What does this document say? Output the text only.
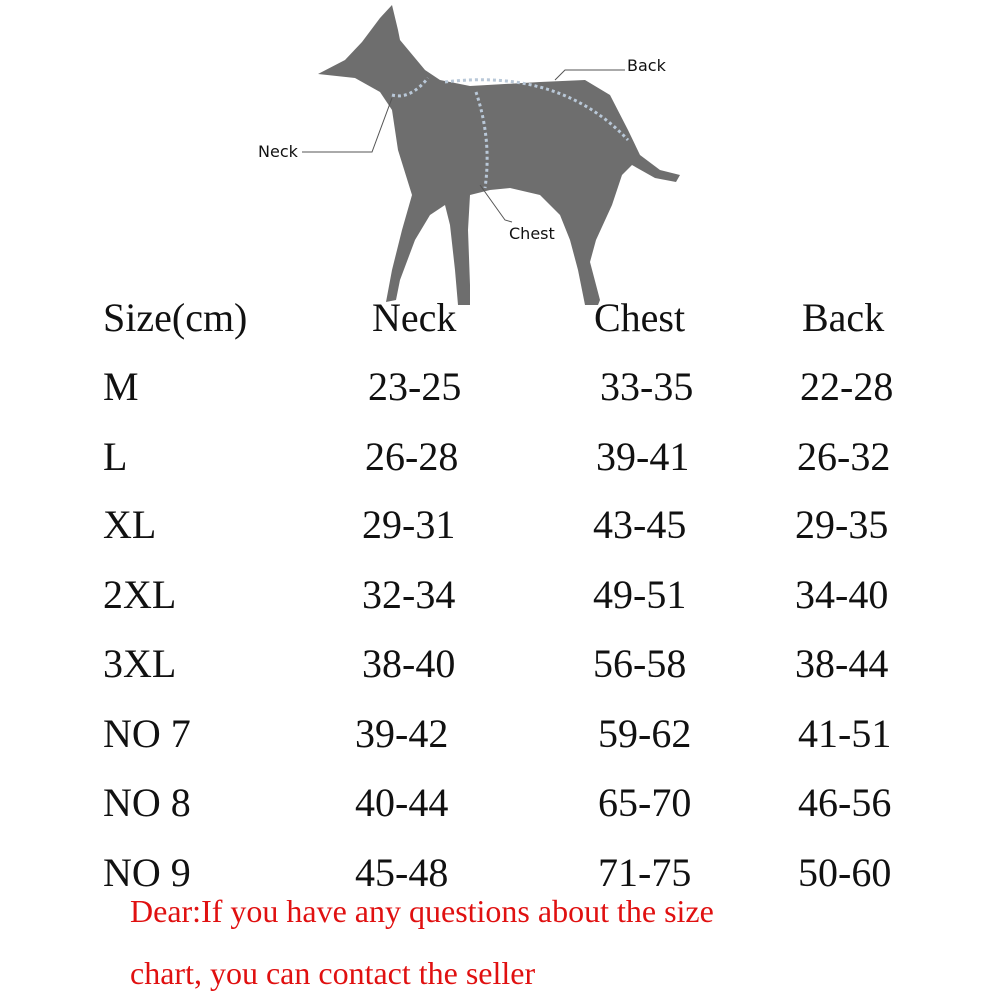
Back
Neck
Chest
Size(cm)	Neck	Chest	Back
M	23-25	33-35	22-28
L	26-28	39-41	26-32
XL	29-31	43-45	29-35
2XL	32-34	49-51	34-40
3XL	38-40	56-58	38-44
NO 7	39-42	59-62	41-51
NO 8	40-44	65-70	46-56
NO 9	45-48	71-75	50-60
Dear:If you have any questions about the size
chart, you can contact the seller
